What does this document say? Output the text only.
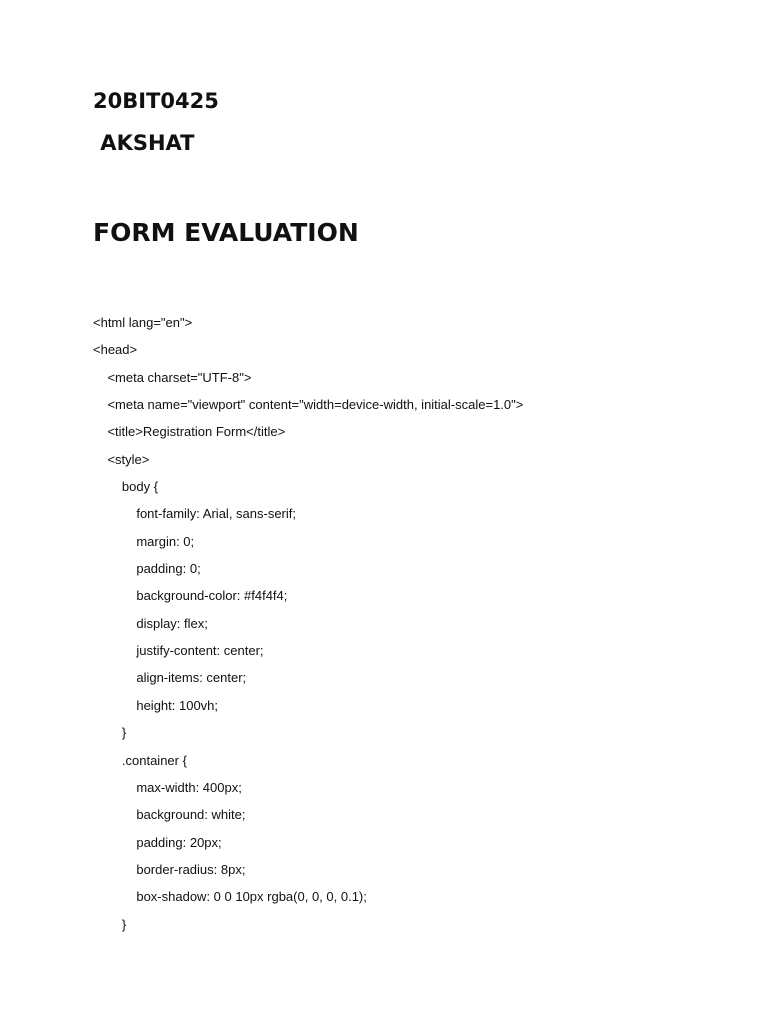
20BIT0425
AKSHAT
FORM EVALUATION
<html lang="en">
<head>
<meta charset="UTF-8">
<meta name="viewport" content="width=device-width, initial-scale=1.0">
<title>Registration Form</title>
<style>
body {
font-family: Arial, sans-serif;
margin: 0;
padding: 0;
background-color: #f4f4f4;
display: flex;
justify-content: center;
align-items: center;
height: 100vh;
}
.container {
max-width: 400px;
background: white;
padding: 20px;
border-radius: 8px;
box-shadow: 0 0 10px rgba(0, 0, 0, 0.1);
}
